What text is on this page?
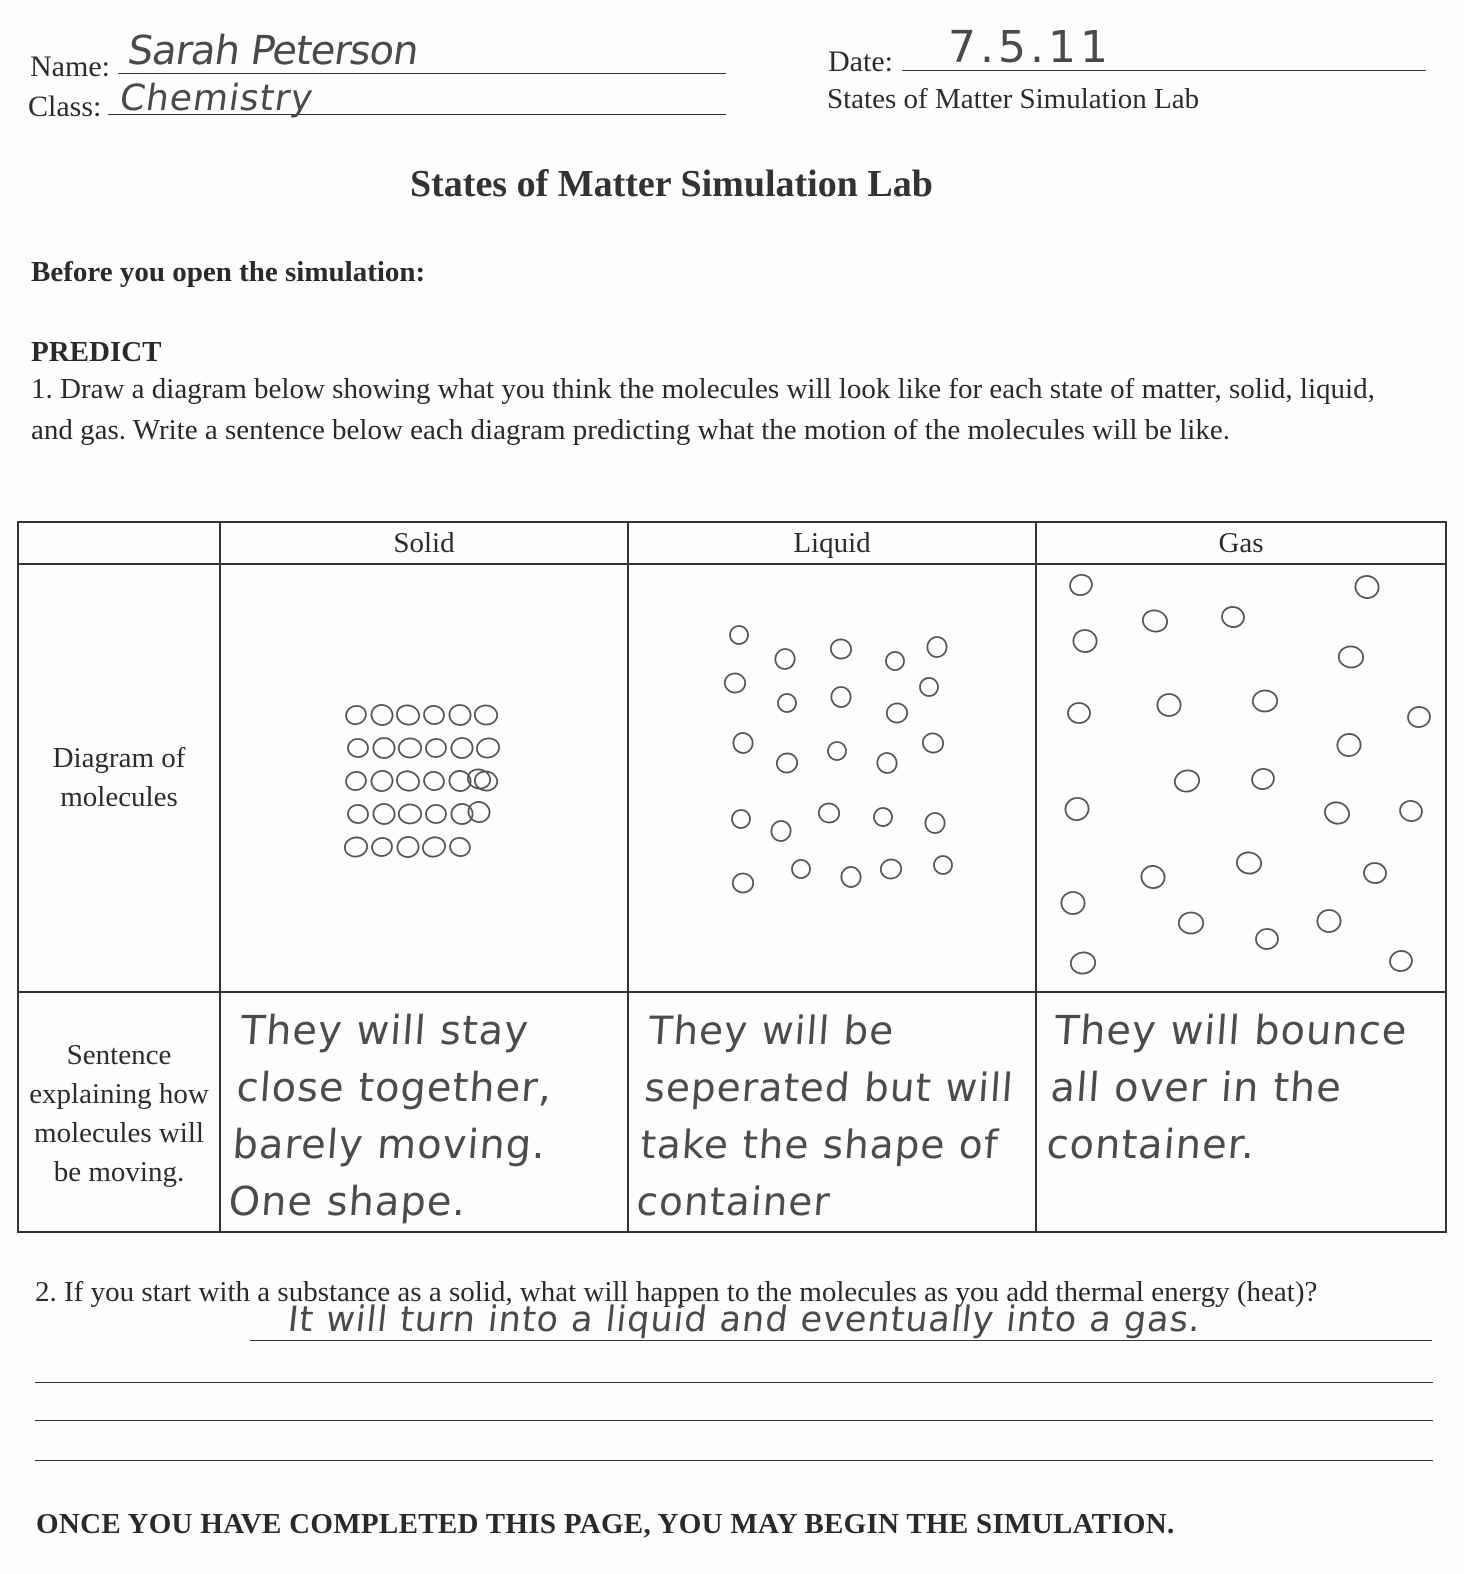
Name: Sarah Peterson
Class: Chemistry
Date: 7.5.11
States of Matter Simulation Lab
States of Matter Simulation Lab
Before you open the simulation:
PREDICT
1. Draw a diagram below showing what you think the molecules will look like for each state of matter, solid, liquid, and gas. Write a sentence below each diagram predicting what the motion of the molecules will be like.
	Solid	Liquid	Gas
Diagram of molecules	

Sentence explaining how molecules will be moving.	They will stay close together, barely moving. One shape.	They will be seperated but will take the shape of container	They will bounce all over in the container.
2. If you start with a substance as a solid, what will happen to the molecules as you add thermal energy (heat)?
It will turn into a liquid and eventually into a gas.
ONCE YOU HAVE COMPLETED THIS PAGE, YOU MAY BEGIN THE SIMULATION.
